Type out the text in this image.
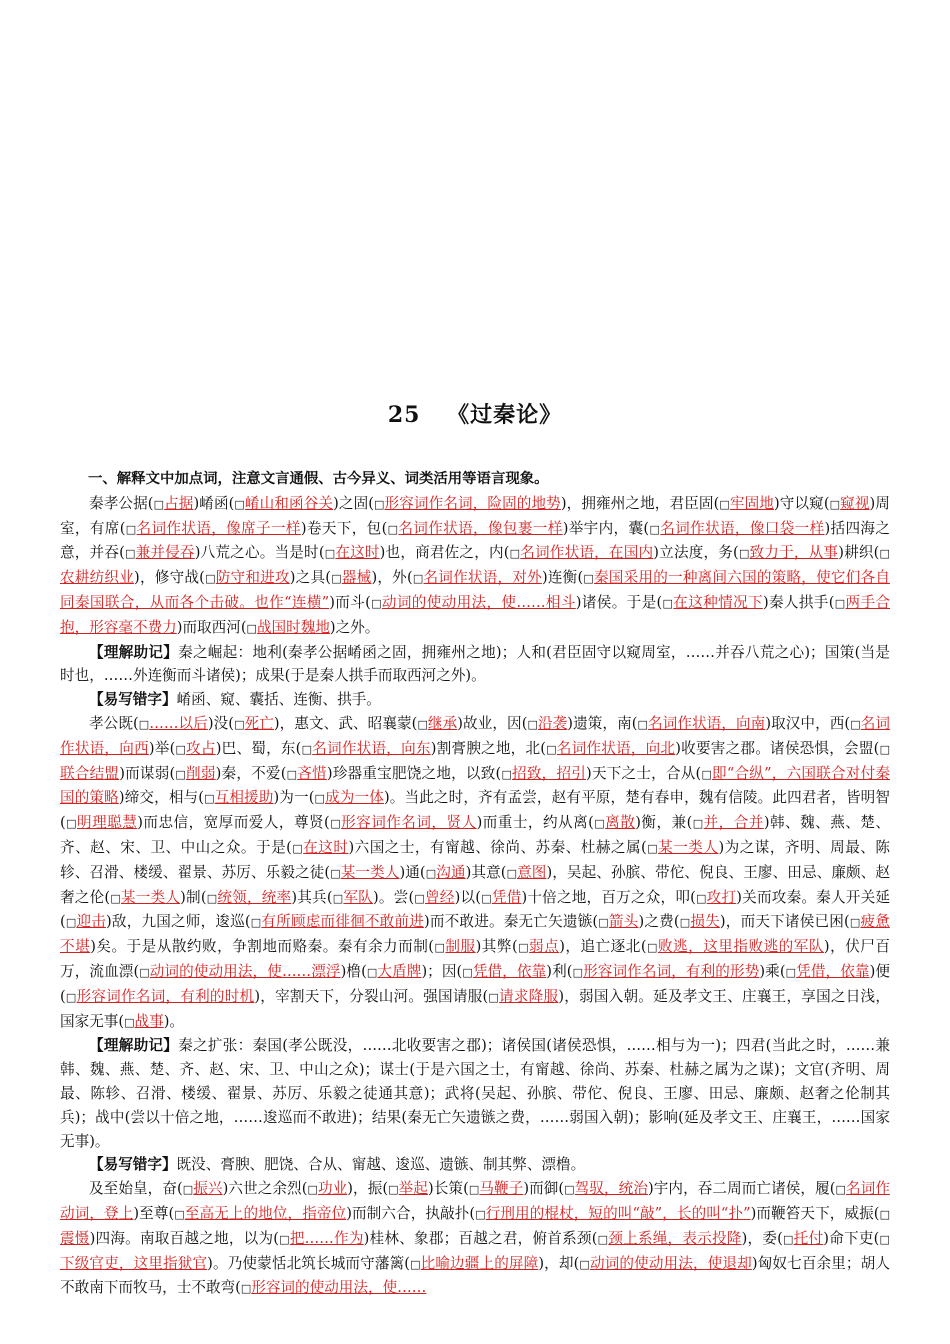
25 《过秦论》

一、解释文中加点词，注意文言通假、古今异义、词类活用等语言现象。

秦孝公据(□占据)崤函(□崤山和函谷关)之固(□形容词作名词，险固的地势)，拥雍州之地，君臣固(□牢固地)守以窥(□窥视)周室，有席(□名词作状语，像席子一样)卷天下，包(□名词作状语，像包裹一样)举宇内，囊(□名词作状语，像口袋一样)括四海之意，并吞(□兼并侵吞)八荒之心。当是时(□在这时)也，商君佐之，内(□名词作状语，在国内)立法度，务(□致力于，从事)耕织(□农耕纺织业)，修守战(□防守和进攻)之具(□器械)，外(□名词作状语，对外)连衡(□秦国采用的一种离间六国的策略，使它们各自同秦国联合，从而各个击破。也作“连横”)而斗(□动词的使动用法，使……相斗)诸侯。于是(□在这种情况下)秦人拱手(□两手合抱，形容毫不费力)而取西河(□战国时魏地)之外。

【理解助记】秦之崛起：地利(秦孝公据崤函之固，拥雍州之地)；人和(君臣固守以窥周室，……并吞八荒之心)；国策(当是时也，……外连衡而斗诸侯)；成果(于是秦人拱手而取西河之外)。

【易写错字】崤函、窥、囊括、连衡、拱手。

孝公既(□……以后)没(□死亡)，惠文、武、昭襄蒙(□继承)故业，因(□沿袭)遗策，南(□名词作状语，向南)取汉中，西(□名词作状语，向西)举(□攻占)巴、蜀，东(□名词作状语，向东)割膏腴之地，北(□名词作状语，向北)收要害之郡。诸侯恐惧，会盟(□联合结盟)而谋弱(□削弱)秦，不爱(□吝惜)珍器重宝肥饶之地，以致(□招致，招引)天下之士，合从(□即“合纵”，六国联合对付秦国的策略)缔交，相与(□互相援助)为一(□成为一体)。当此之时，齐有孟尝，赵有平原，楚有春申，魏有信陵。此四君者，皆明智(□明理聪慧)而忠信，宽厚而爱人，尊贤(□形容词作名词，贤人)而重士，约从离(□离散)衡，兼(□并，合并)韩、魏、燕、楚、齐、赵、宋、卫、中山之众。于是(□在这时)六国之士，有甯越、徐尚、苏秦、杜赫之属(□某一类人)为之谋，齐明、周最、陈轸、召滑、楼缓、翟景、苏厉、乐毅之徒(□某一类人)通(□沟通)其意(□意图)，吴起、孙膑、带佗、倪良、王廖、田忌、廉颇、赵奢之伦(□某一类人)制(□统领，统率)其兵(□军队)。尝(□曾经)以(□凭借)十倍之地，百万之众，叩(□攻打)关而攻秦。秦人开关延(□迎击)敌，九国之师，逡巡(□有所顾虑而徘徊不敢前进)而不敢进。秦无亡矢遗镞(□箭头)之费(□损失)，而天下诸侯已困(□疲惫不堪)矣。于是从散约败，争割地而赂秦。秦有余力而制(□制服)其弊(□弱点)，追亡逐北(□败逃，这里指败逃的军队)，伏尸百万，流血漂(□动词的使动用法，使……漂浮)橹(□大盾牌)；因(□凭借，依靠)利(□形容词作名词，有利的形势)乘(□凭借，依靠)便(□形容词作名词，有利的时机)，宰割天下，分裂山河。强国请服(□请求降服)，弱国入朝。延及孝文王、庄襄王，享国之日浅，国家无事(□战事)。

【理解助记】秦之扩张：秦国(孝公既没，……北收要害之郡)；诸侯国(诸侯恐惧，……相与为一)；四君(当此之时，……兼韩、魏、燕、楚、齐、赵、宋、卫、中山之众)；谋士(于是六国之士，有甯越、徐尚、苏秦、杜赫之属为之谋)；文官(齐明、周最、陈轸、召滑、楼缓、翟景、苏厉、乐毅之徒通其意)；武将(吴起、孙膑、带佗、倪良、王廖、田忌、廉颇、赵奢之伦制其兵)；战中(尝以十倍之地，……逡巡而不敢进)；结果(秦无亡矢遗镞之费，……弱国入朝)；影响(延及孝文王、庄襄王，……国家无事)。

【易写错字】既没、膏腴、肥饶、合从、甯越、逡巡、遗镞、制其弊、漂橹。

及至始皇，奋(□振兴)六世之余烈(□功业)，振(□举起)长策(□马鞭子)而御(□驾驭，统治)宇内，吞二周而亡诸侯，履(□名词作动词，登上)至尊(□至高无上的地位，指帝位)而制六合，执敲扑(□行刑用的棍杖，短的叫“敲”，长的叫“扑”)而鞭笞天下，威振(□震慑)四海。南取百越之地，以为(□把……作为)桂林、象郡；百越之君，俯首系颈(□颈上系绳，表示投降)，委(□托付)命下吏(□下级官吏，这里指狱官)。乃使蒙恬北筑长城而守藩篱(□比喻边疆上的屏障)，却(□动词的使动用法，使退却)匈奴七百余里；胡人不敢南下而牧马，士不敢弯(□形容词的使动用法，使……
